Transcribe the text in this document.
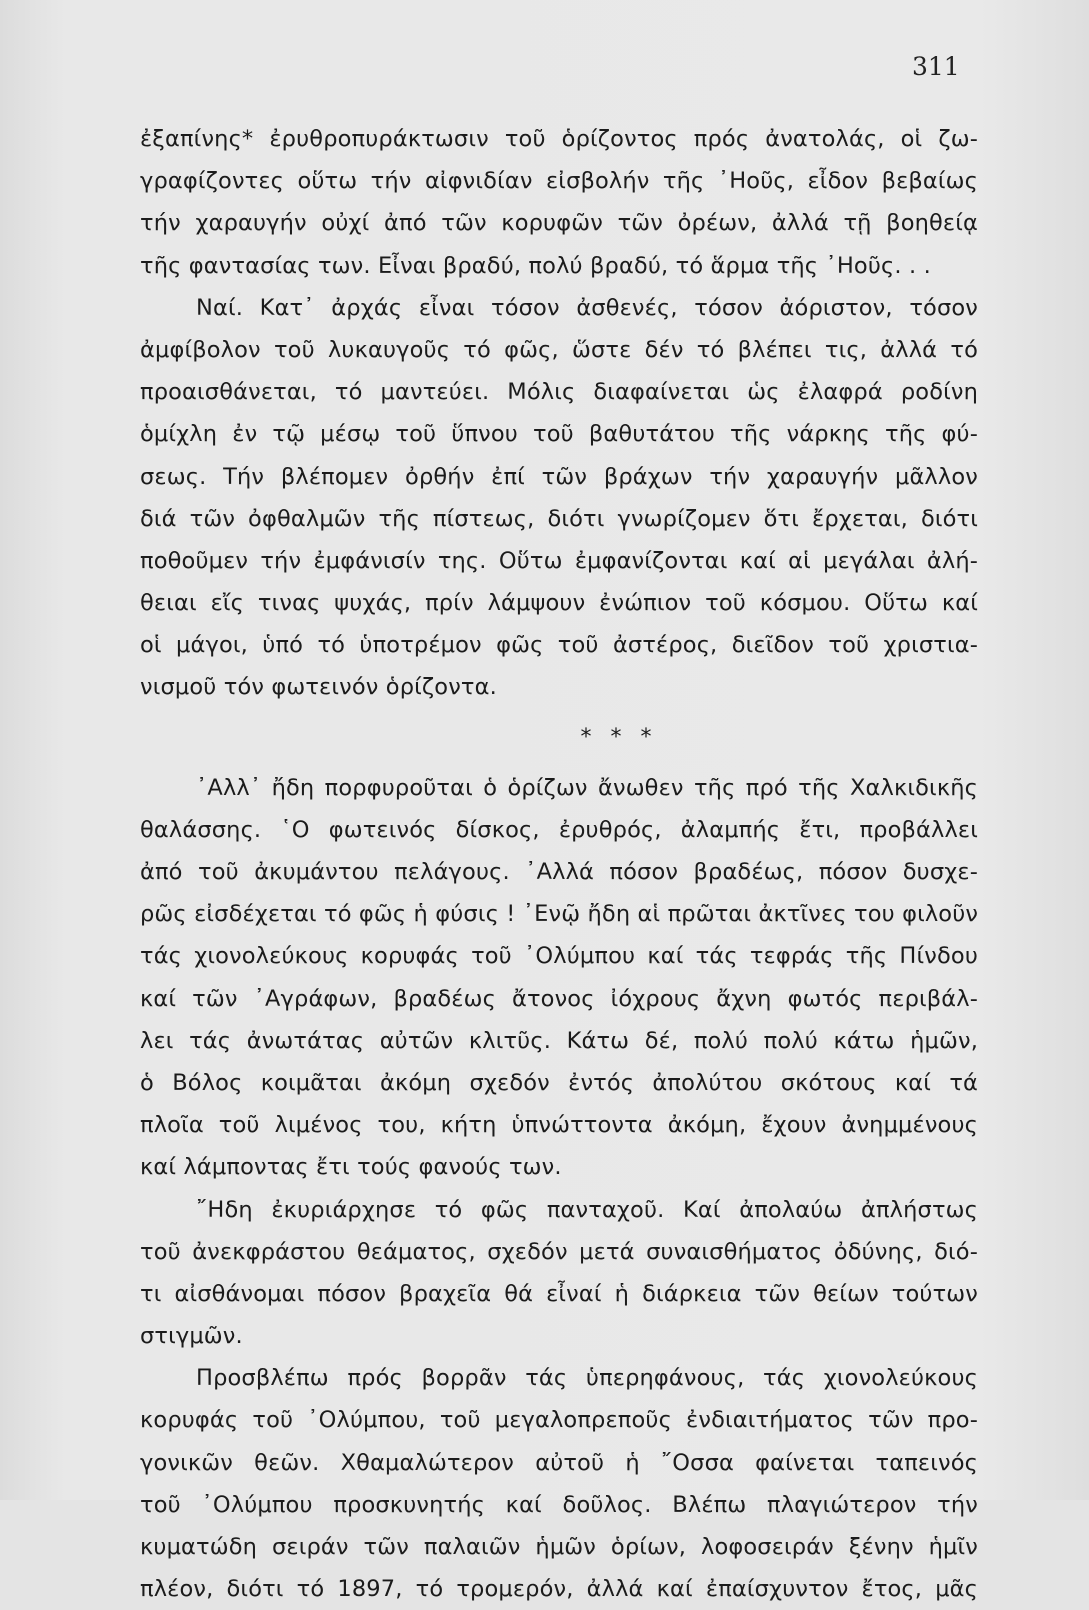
311
ἐξαπίνης* ἐρυθροπυράκτωσιν τοῦ ὁρίζοντος πρός ἀνατολάς, οἱ ζω-
γραφίζοντες οὕτω τήν αἰφνιδίαν εἰσβολήν τῆς ᾿Ηοῦς, εἶδον βεβαίως
τήν χαραυγήν οὐχί ἀπό τῶν κορυφῶν τῶν ὀρέων, ἀλλά τῇ βοηθείᾳ
τῆς φαντασίας των. Εἶναι βραδύ, πολύ βραδύ, τό ἅρμα τῆς ᾿Ηοῦς. . .
Ναί. Κατ᾿ ἀρχάς εἶναι τόσον ἀσθενές, τόσον ἀόριστον, τόσον
ἀμφίβολον τοῦ λυκαυγοῦς τό φῶς, ὥστε δέν τό βλέπει τις, ἀλλά τό
προαισθάνεται, τό μαντεύει. Μόλις διαφαίνεται ὡς ἐλαφρά ροδίνη
ὁμίχλη ἐν τῷ μέσῳ τοῦ ὕπνου τοῦ βαθυτάτου τῆς νάρκης τῆς φύ-
σεως. Τήν βλέπομεν ὀρθήν ἐπί τῶν βράχων τήν χαραυγήν μᾶλλον
διά τῶν ὀφθαλμῶν τῆς πίστεως, διότι γνωρίζομεν ὅτι ἔρχεται, διότι
ποθοῦμεν τήν ἐμφάνισίν της. Οὕτω ἐμφανίζονται καί αἱ μεγάλαι ἀλή-
θειαι εἴς τινας ψυχάς, πρίν λάμψουν ἐνώπιον τοῦ κόσμου. Οὕτω καί
οἱ μάγοι, ὑπό τό ὑποτρέμον φῶς τοῦ ἀστέρος, διεῖδον τοῦ χριστια-
νισμοῦ τόν φωτεινόν ὁρίζοντα.
* * *
᾿Αλλ᾿ ἤδη πορφυροῦται ὁ ὁρίζων ἄνωθεν τῆς πρό τῆς Χαλκιδικῆς
θαλάσσης. ῾Ο φωτεινός δίσκος, ἐρυθρός, ἀλαμπής ἔτι, προβάλλει
ἀπό τοῦ ἀκυμάντου πελάγους. ᾿Αλλά πόσον βραδέως, πόσον δυσχε-
ρῶς εἰσδέχεται τό φῶς ἡ φύσις ! ᾿Ενῷ ἤδη αἱ πρῶται ἀκτῖνες του φιλοῦν
τάς χιονολεύκους κορυφάς τοῦ ᾿Ολύμπου καί τάς τεφράς τῆς Πίνδου
καί τῶν ᾿Αγράφων, βραδέως ἄτονος ἰόχρους ἄχνη φωτός περιβάλ-
λει τάς ἀνωτάτας αὐτῶν κλιτῦς. Κάτω δέ, πολύ πολύ κάτω ἡμῶν,
ὁ Βόλος κοιμᾶται ἀκόμη σχεδόν ἐντός ἀπολύτου σκότους καί τά
πλοῖα τοῦ λιμένος του, κήτη ὑπνώττοντα ἀκόμη, ἔχουν ἀνημμένους
καί λάμποντας ἔτι τούς φανούς των.
῎Ηδη ἐκυριάρχησε τό φῶς πανταχοῦ. Καί ἀπολαύω ἀπλήστως
τοῦ ἀνεκφράστου θεάματος, σχεδόν μετά συναισθήματος ὀδύνης, διό-
τι αἰσθάνομαι πόσον βραχεῖα θά εἶναί ἡ διάρκεια τῶν θείων τούτων
στιγμῶν.
Προσβλέπω πρός βορρᾶν τάς ὑπερηφάνους, τάς χιονολεύκους
κορυφάς τοῦ ᾿Ολύμπου, τοῦ μεγαλοπρεποῦς ἐνδιαιτήματος τῶν προ-
γονικῶν θεῶν. Χθαμαλώτερον αὐτοῦ ἡ ῎Οσσα φαίνεται ταπεινός
τοῦ ᾿Ολύμπου προσκυνητής καί δοῦλος. Βλέπω πλαγιώτερον τήν
κυματώδη σειράν τῶν παλαιῶν ἡμῶν ὁρίων, λοφοσειράν ξένην ἡμῖν
πλέον, διότι τό 1897, τό τρομερόν, ἀλλά καί ἐπαίσχυντον ἔτος, μᾶς
